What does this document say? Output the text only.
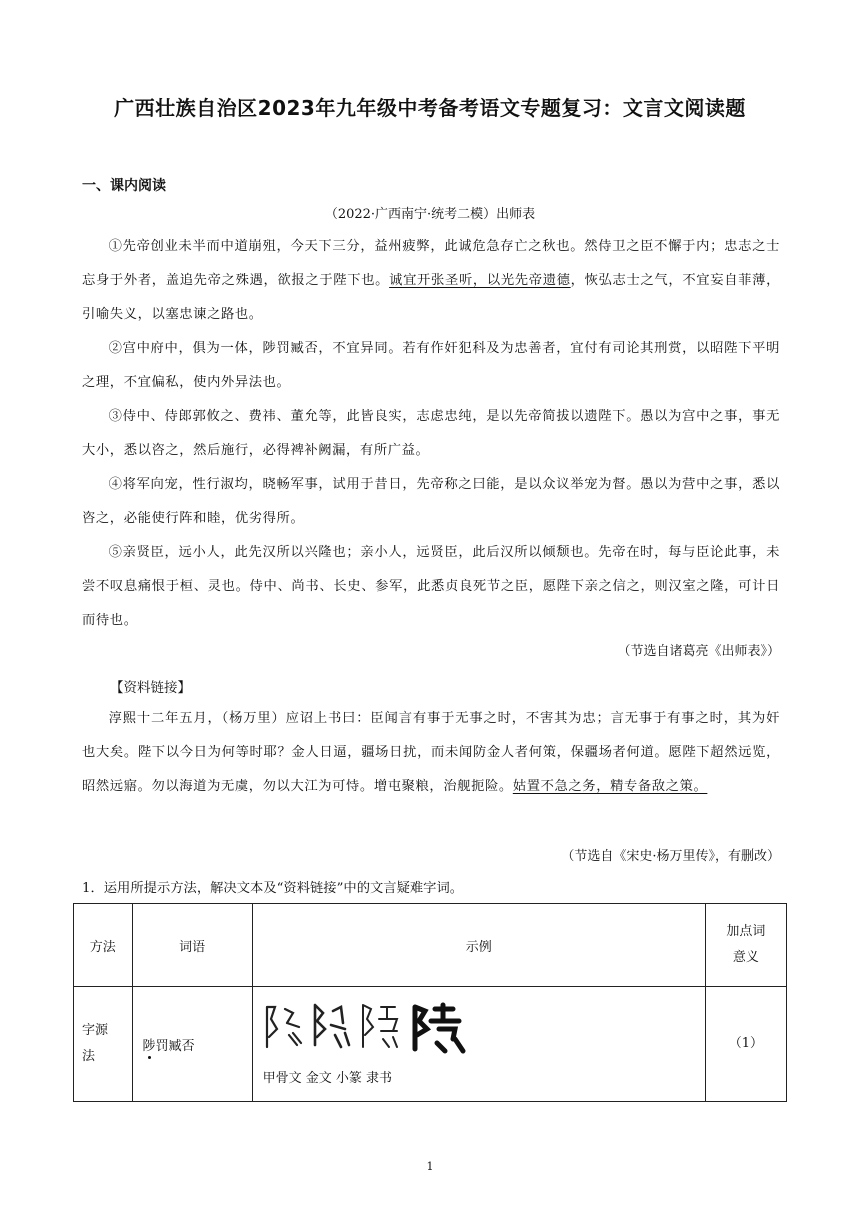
广西壮族自治区2023年九年级中考备考语文专题复习：文言文阅读题
一、课内阅读
（2022·广西南宁·统考二模）出师表
①先帝创业未半而中道崩殂，今天下三分，益州疲弊，此诚危急存亡之秋也。然侍卫之臣不懈于内；忠志之士忘身于外者，盖追先帝之殊遇，欲报之于陛下也。诚宜开张圣听，以光先帝遗德，恢弘志士之气，不宜妄自菲薄，引喻失义，以塞忠谏之路也。
②宫中府中，俱为一体，陟罚臧否，不宜异同。若有作奸犯科及为忠善者，宜付有司论其刑赏，以昭陛下平明之理，不宜偏私，使内外异法也。
③侍中、侍郎郭攸之、费祎、董允等，此皆良实，志虑忠纯，是以先帝简拔以遗陛下。愚以为宫中之事，事无大小，悉以咨之，然后施行，必得裨补阙漏，有所广益。
④将军向宠，性行淑均，晓畅军事，试用于昔日，先帝称之曰能，是以众议举宠为督。愚以为营中之事，悉以咨之，必能使行阵和睦，优劣得所。
⑤亲贤臣，远小人，此先汉所以兴隆也；亲小人，远贤臣，此后汉所以倾颓也。先帝在时，每与臣论此事，未尝不叹息痛恨于桓、灵也。侍中、尚书、长史、参军，此悉贞良死节之臣，愿陛下亲之信之，则汉室之隆，可计日而待也。
（节选自诸葛亮《出师表》）
【资料链接】
淳熙十二年五月，（杨万里）应诏上书曰：臣闻言有事于无事之时，不害其为忠；言无事于有事之时，其为奸也大矣。陛下以今日为何等时耶？金人日逼，疆场日扰，而未闻防金人者何策，保疆场者何道。愿陛下超然远览，昭然远寤。勿以海道为无虞，勿以大江为可恃。增屯聚粮，治舰扼险。姑置不急之务，精专备敌之策。
（节选自《宋史·杨万里传》，有删改）
1．运用所提示方法，解决文本及“资料链接”中的文言疑难字词。
方法	词语	示例	加点词
意义

字源
法	陟罚臧否	甲骨文 金文 小篆 隶书	（1）
1
